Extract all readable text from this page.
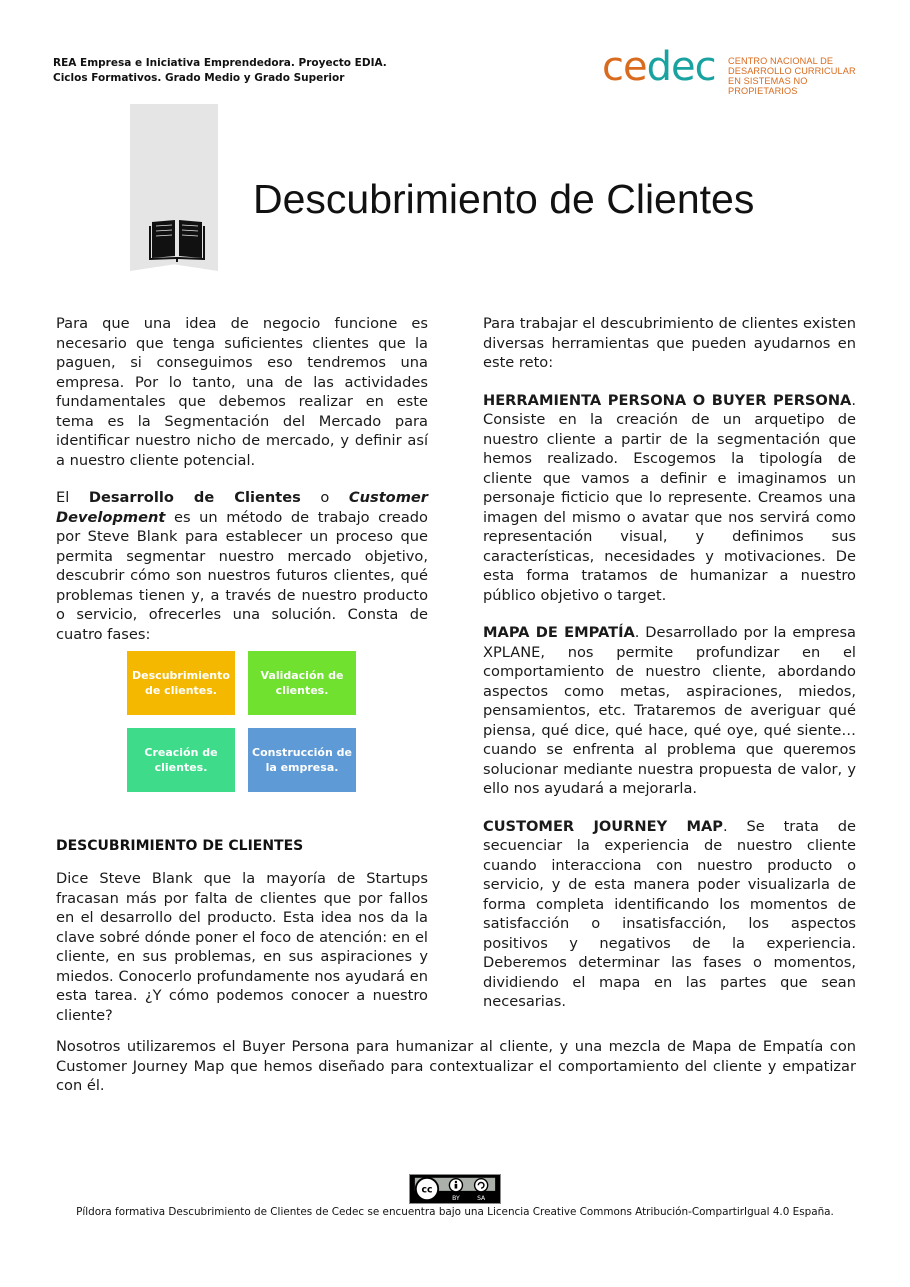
REA Empresa e Iniciativa Emprendedora. Proyecto EDIA.
Ciclos Formativos. Grado Medio y Grado Superior	cedec CENTRO NACIONAL DE
DESARROLLO CURRICULAR
EN SISTEMAS NO PROPIETARIOS
Descubrimiento de Clientes

Para que una idea de negocio funcione es necesario que tenga suficientes clientes que la paguen, si conseguimos eso tendremos una empresa. Por lo tanto, una de las actividades fundamentales que debemos realizar en este tema es la Segmentación del Mercado para identificar nuestro nicho de mercado, y definir así a nuestro cliente potencial.

El Desarrollo de Clientes o Customer Development es un método de trabajo creado por Steve Blank para establecer un proceso que permita segmentar nuestro mercado objetivo, descubrir cómo son nuestros futuros clientes, qué problemas tienen y, a través de nuestro producto o servicio, ofrecerles una solución. Consta de cuatro fases:

Descubrimiento de clientes.
Validación de clientes.
Creación de clientes.
Construcción de la empresa.
DESCUBRIMIENTO DE CLIENTES

Dice Steve Blank que la mayoría de Startups fracasan más por falta de clientes que por fallos en el desarrollo del producto. Esta idea nos da la clave sobré dónde poner el foco de atención: en el cliente, en sus problemas, en sus aspiraciones y miedos. Conocerlo profundamente nos ayudará en esta tarea. ¿Y cómo podemos conocer a nuestro cliente?

Para trabajar el descubrimiento de clientes existen diversas herramientas que pueden ayudarnos en este reto:

HERRAMIENTA PERSONA O BUYER PERSONA. Consiste en la creación de un arquetipo de nuestro cliente a partir de la segmentación que hemos realizado. Escogemos la tipología de cliente que vamos a definir e imaginamos un personaje ficticio que lo represente. Creamos una imagen del mismo o avatar que nos servirá como representación visual, y definimos sus características, necesidades y motivaciones. De esta forma tratamos de humanizar a nuestro público objetivo o target.

MAPA DE EMPATÍA. Desarrollado por la empresa XPLANE, nos permite profundizar en el comportamiento de nuestro cliente, abordando aspectos como metas, aspiraciones, miedos, pensamientos, etc. Trataremos de averiguar qué piensa, qué dice, qué hace, qué oye, qué siente… cuando se enfrenta al problema que queremos solucionar mediante nuestra propuesta de valor, y ello nos ayudará a mejorarla.

CUSTOMER JOURNEY MAP. Se trata de secuenciar la experiencia de nuestro cliente cuando interacciona con nuestro producto o servicio, y de esta manera poder visualizarla de forma completa identificando los momentos de satisfacción o insatisfacción, los aspectos positivos y negativos de la experiencia. Deberemos determinar las fases o momentos, dividiendo el mapa en las partes que sean necesarias.

Nosotros utilizaremos el Buyer Persona para humanizar al cliente, y una mezcla de Mapa de Empatía con Customer Journey Map que hemos diseñado para contextualizar el comportamiento del cliente y empatizar con él.
cc
BY	SA
Píldora formativa Descubrimiento de Clientes de Cedec se encuentra bajo una Licencia Creative Commons Atribución-CompartirIgual 4.0 España.
